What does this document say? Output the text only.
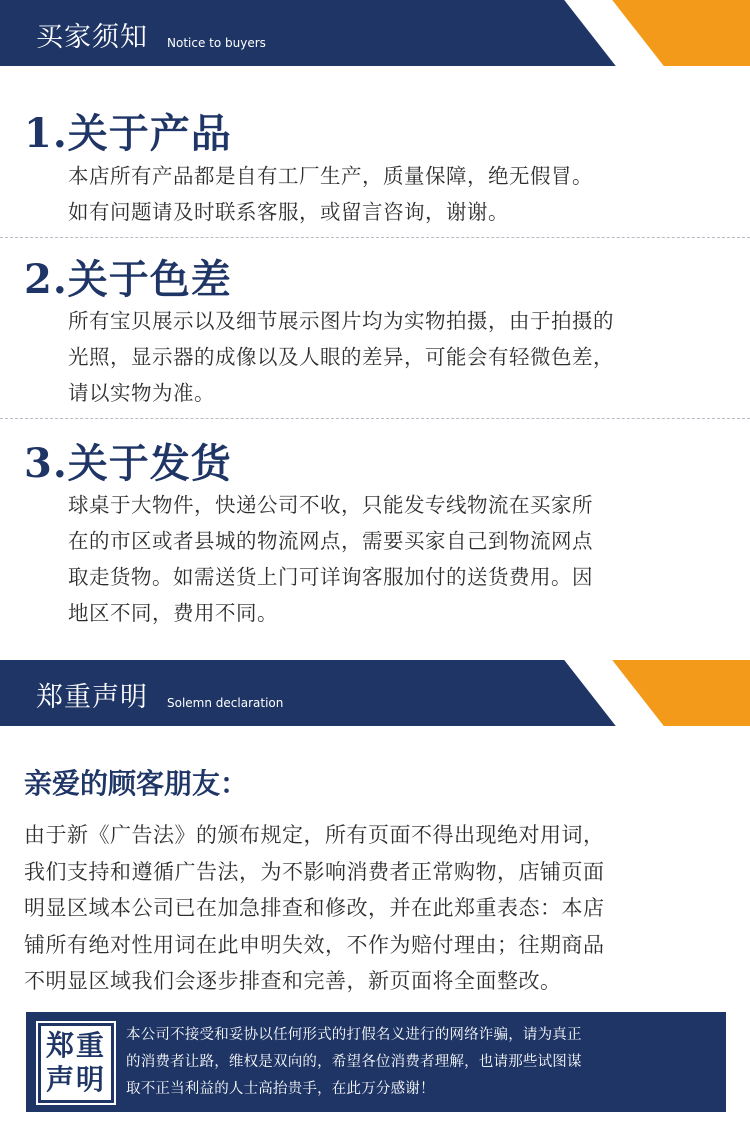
买家须知 Notice to buyers
1.关于产品
本店所有产品都是自有工厂生产，质量保障，绝无假冒。
如有问题请及时联系客服，或留言咨询，谢谢。
2.关于色差
所有宝贝展示以及细节展示图片均为实物拍摄，由于拍摄的
光照，显示器的成像以及人眼的差异，可能会有轻微色差，
请以实物为准。
3.关于发货
球桌于大物件，快递公司不收，只能发专线物流在买家所
在的市区或者县城的物流网点，需要买家自己到物流网点
取走货物。如需送货上门可详询客服加付的送货费用。因
地区不同，费用不同。
郑重声明 Solemn declaration
亲爱的顾客朋友：
由于新《广告法》的颁布规定，所有页面不得出现绝对用词，
我们支持和遵循广告法，为不影响消费者正常购物，店铺页面
明显区域本公司已在加急排查和修改，并在此郑重表态：本店
铺所有绝对性用词在此申明失效，不作为赔付理由；往期商品
不明显区域我们会逐步排查和完善，新页面将全面整改。
郑重
声明
本公司不接受和妥协以任何形式的打假名义进行的网络诈骗，请为真正
的消费者让路，维权是双向的，希望各位消费者理解，也请那些试图谋
取不正当利益的人士高抬贵手，在此万分感谢！
